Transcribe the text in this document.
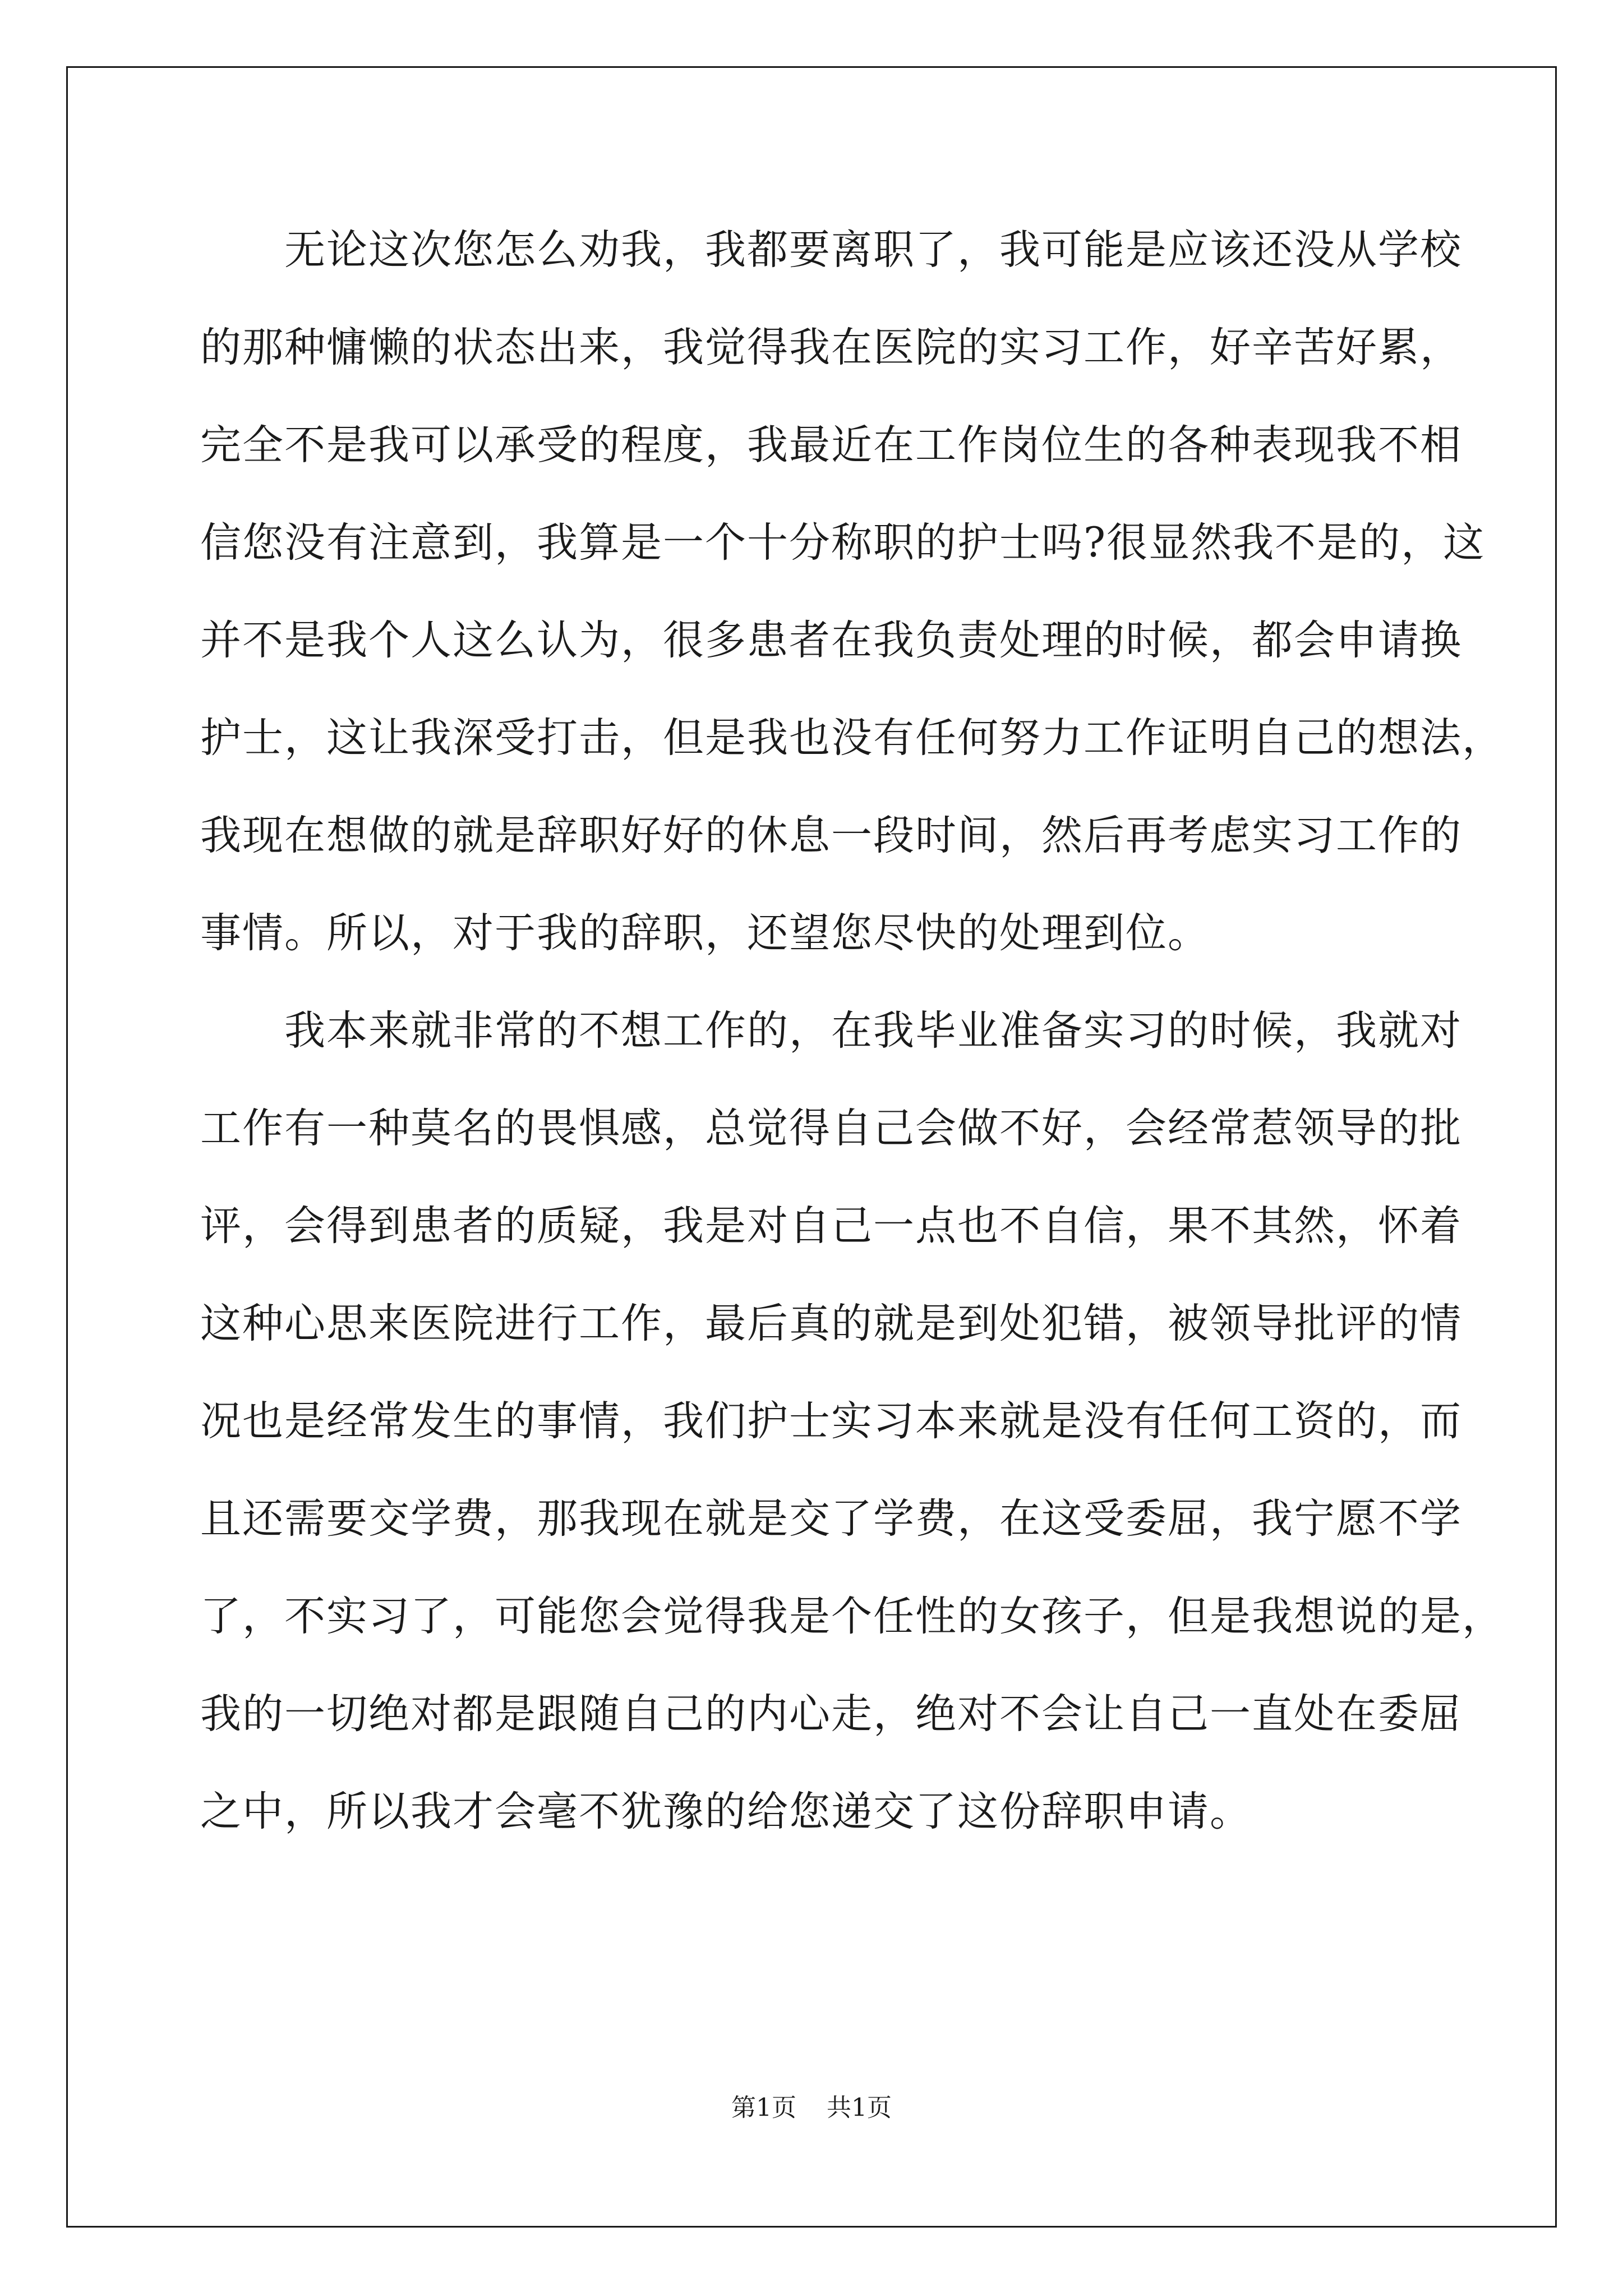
　　无论这次您怎么劝我，我都要离职了，我可能是应该还没从学校
的那种慵懒的状态出来，我觉得我在医院的实习工作，好辛苦好累，
完全不是我可以承受的程度，我最近在工作岗位生的各种表现我不相
信您没有注意到，我算是一个十分称职的护士吗?很显然我不是的，这
并不是我个人这么认为，很多患者在我负责处理的时候，都会申请换
护士，这让我深受打击，但是我也没有任何努力工作证明自己的想法，
我现在想做的就是辞职好好的休息一段时间，然后再考虑实习工作的
事情。所以，对于我的辞职，还望您尽快的处理到位。
　　我本来就非常的不想工作的，在我毕业准备实习的时候，我就对
工作有一种莫名的畏惧感，总觉得自己会做不好，会经常惹领导的批
评，会得到患者的质疑，我是对自己一点也不自信，果不其然，怀着
这种心思来医院进行工作，最后真的就是到处犯错，被领导批评的情
况也是经常发生的事情，我们护士实习本来就是没有任何工资的，而
且还需要交学费，那我现在就是交了学费，在这受委屈，我宁愿不学
了，不实习了，可能您会觉得我是个任性的女孩子，但是我想说的是，
我的一切绝对都是跟随自己的内心走，绝对不会让自己一直处在委屈
之中，所以我才会毫不犹豫的给您递交了这份辞职申请。
第1页 共1页
